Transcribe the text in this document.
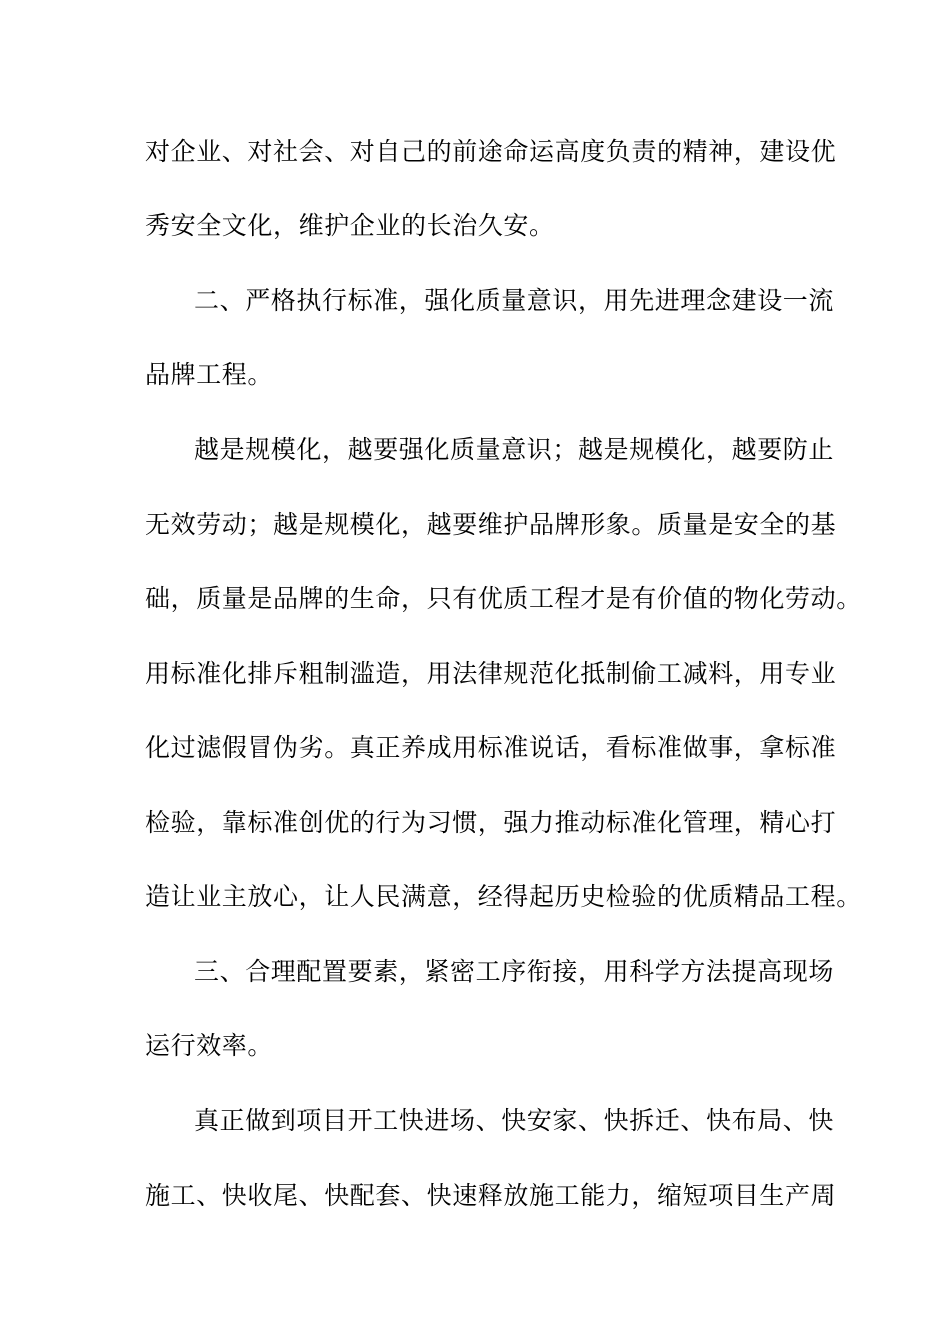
对企业、对社会、对自己的前途命运高度负责的精神，建设优
秀安全文化，维护企业的长治久安。
二、严格执行标准，强化质量意识，用先进理念建设一流
品牌工程。
越是规模化，越要强化质量意识；越是规模化，越要防止
无效劳动；越是规模化，越要维护品牌形象。质量是安全的基
础，质量是品牌的生命，只有优质工程才是有价值的物化劳动。
用标准化排斥粗制滥造，用法律规范化抵制偷工减料，用专业
化过滤假冒伪劣。真正养成用标准说话，看标准做事，拿标准
检验，靠标准创优的行为习惯，强力推动标准化管理，精心打
造让业主放心，让人民满意，经得起历史检验的优质精品工程。
三、合理配置要素，紧密工序衔接，用科学方法提高现场
运行效率。
真正做到项目开工快进场、快安家、快拆迁、快布局、快
施工、快收尾、快配套、快速释放施工能力，缩短项目生产周
